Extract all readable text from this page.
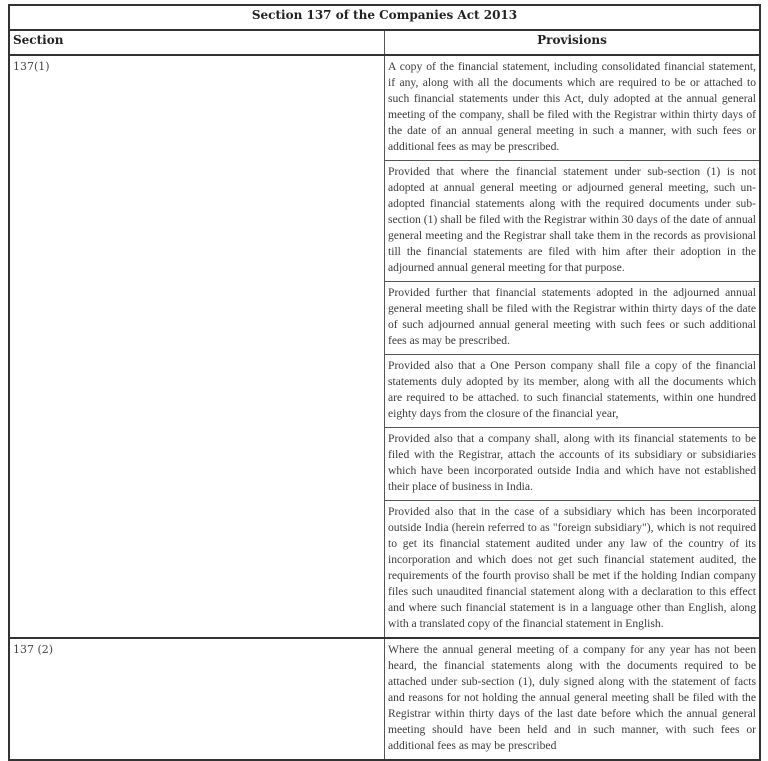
Section 137 of the Companies Act 2013	
Section	Provisions
137(1)	A copy of the financial statement, including consolidated financial statement, if any, along with all the documents which are required to be or attached to such financial statements under this Act, duly adopted at the annual general meeting of the company, shall be filed with the Registrar within thirty days of the date of an annual general meeting in such a manner, with such fees or additional fees as may be prescribed.
	Provided that where the financial statement under sub-section (1) is not adopted at annual general meeting or adjourned general meeting, such un-adopted financial statements along with the required documents under sub-section (1) shall be filed with the Registrar within 30 days of the date of annual general meeting and the Registrar shall take them in the records as provisional till the financial statements are filed with him after their adoption in the adjourned annual general meeting for that purpose.
	Provided further that financial statements adopted in the adjourned annual general meeting shall be filed with the Registrar within thirty days of the date of such adjourned annual general meeting with such fees or such additional fees as may be prescribed.
	Provided also that a One Person company shall file a copy of the financial statements duly adopted by its member, along with all the documents which are required to be attached. to such financial statements, within one hundred eighty days from the closure of the financial year,
	Provided also that a company shall, along with its financial statements to be filed with the Registrar, attach the accounts of its subsidiary or subsidiaries which have been incorporated outside India and which have not established their place of business in India.
	Provided also that in the case of a subsidiary which has been incorporated outside India (herein referred to as "foreign subsidiary"), which is not required to get its financial statement audited under any law of the country of its incorporation and which does not get such financial statement audited, the requirements of the fourth proviso shall be met if the holding Indian company files such unaudited financial statement along with a declaration to this effect and where such financial statement is in a language other than English, along with a translated copy of the financial statement in English.
137 (2)	Where the annual general meeting of a company for any year has not been heard, the financial statements along with the documents required to be attached under sub-section (1), duly signed along with the statement of facts and reasons for not holding the annual general meeting shall be filed with the Registrar within thirty days of the last date before which the annual general meeting should have been held and in such manner, with such fees or additional fees as may be prescribed
